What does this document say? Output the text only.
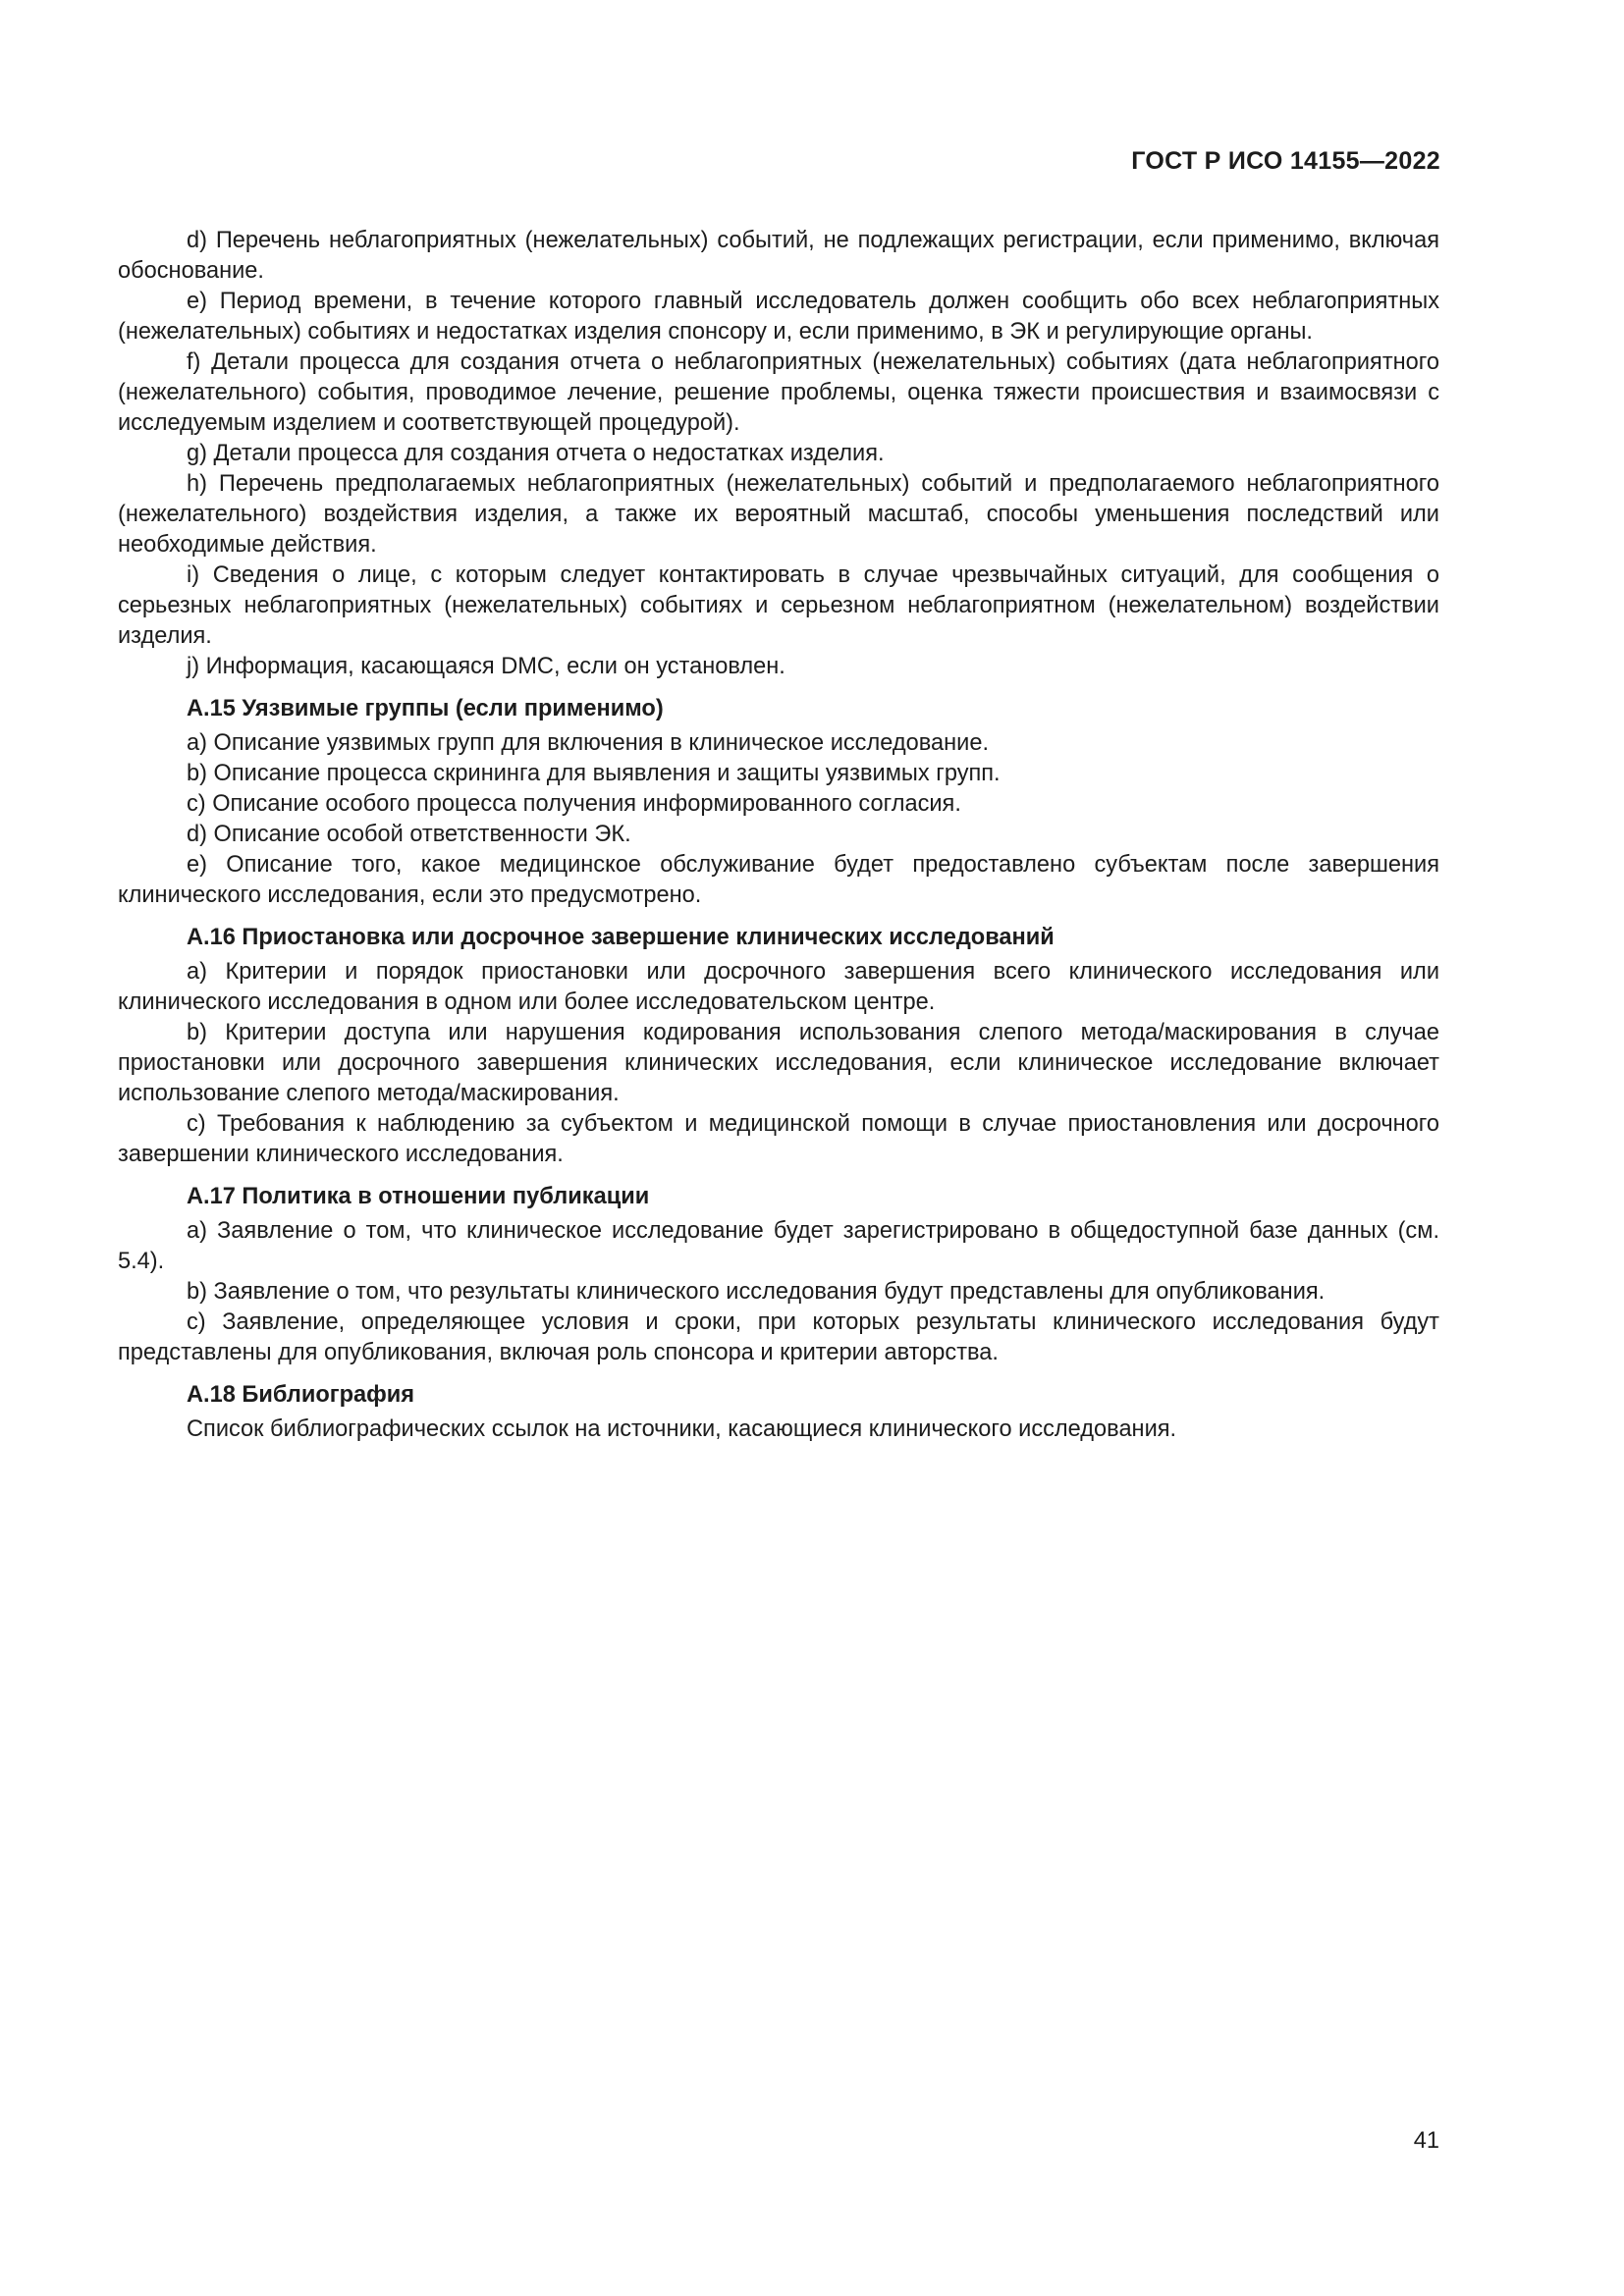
ГОСТ Р ИСО 14155—2022

d) Перечень неблагоприятных (нежелательных) событий, не подлежащих регистрации, если применимо, включая обоснование.

e) Период времени, в течение которого главный исследователь должен сообщить обо всех неблагоприятных (нежелательных) событиях и недостатках изделия спонсору и, если применимо, в ЭК и регулирующие органы.

f) Детали процесса для создания отчета о неблагоприятных (нежелательных) событиях (дата неблагоприятного (нежелательного) события, проводимое лечение, решение проблемы, оценка тяжести происшествия и взаимосвязи с исследуемым изделием и соответствующей процедурой).

g) Детали процесса для создания отчета о недостатках изделия.

h) Перечень предполагаемых неблагоприятных (нежелательных) событий и предполагаемого неблагоприятного (нежелательного) воздействия изделия, а также их вероятный масштаб, способы уменьшения последствий или необходимые действия.

i) Сведения о лице, с которым следует контактировать в случае чрезвычайных ситуаций, для сообщения о серьезных неблагоприятных (нежелательных) событиях и серьезном неблагоприятном (нежелательном) воздействии изделия.

j) Информация, касающаяся DMC, если он установлен.

А.15 Уязвимые группы (если применимо)

a) Описание уязвимых групп для включения в клиническое исследование.

b) Описание процесса скрининга для выявления и защиты уязвимых групп.

c) Описание особого процесса получения информированного согласия.

d) Описание особой ответственности ЭК.

e) Описание того, какое медицинское обслуживание будет предоставлено субъектам после завершения клинического исследования, если это предусмотрено.

А.16 Приостановка или досрочное завершение клинических исследований

a) Критерии и порядок приостановки или досрочного завершения всего клинического исследования или клинического исследования в одном или более исследовательском центре.

b) Критерии доступа или нарушения кодирования использования слепого метода/маскирования в случае приостановки или досрочного завершения клинических исследования, если клиническое исследование включает использование слепого метода/маскирования.

c) Требования к наблюдению за субъектом и медицинской помощи в случае приостановления или досрочного завершении клинического исследования.

А.17 Политика в отношении публикации

a) Заявление о том, что клиническое исследование будет зарегистрировано в общедоступной базе данных (см. 5.4).

b) Заявление о том, что результаты клинического исследования будут представлены для опубликования.

c) Заявление, определяющее условия и сроки, при которых результаты клинического исследования будут представлены для опубликования, включая роль спонсора и критерии авторства.

А.18 Библиография

Список библиографических ссылок на источники, касающиеся клинического исследования.

41
